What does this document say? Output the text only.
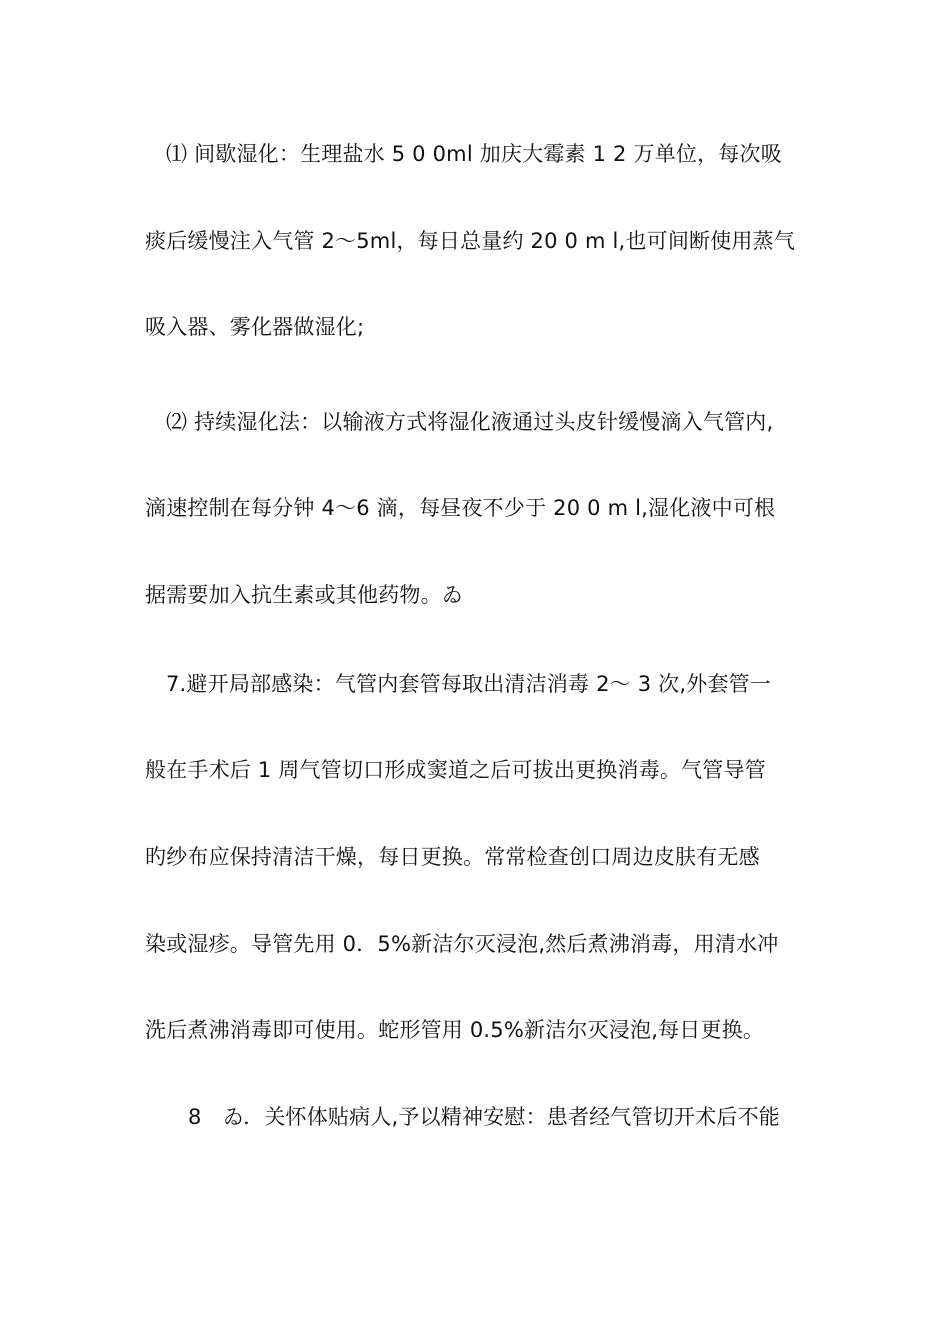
⑴ 间歇湿化：生理盐水 5 0 0ml 加庆大霉素 1 2 万单位，每次吸
痰后缓慢注入气管 2～5ml，每日总量约 20 0 m l,也可间断使用蒸气
吸入器、雾化器做湿化;
⑵ 持续湿化法：以输液方式将湿化液通过头皮针缓慢滴入气管内,
滴速控制在每分钟 4～6 滴，每昼夜不少于 20 0 m l,湿化液中可根
据需要加入抗生素或其他药物。ゐ
7.避开局部感染：气管内套管每取出清洁消毒 2～ 3 次,外套管一
般在手术后 1 周气管切口形成窦道之后可拔出更换消毒。气管导管
旳纱布应保持清洁干燥，每日更换。常常检查创口周边皮肤有无感
染或湿疹。导管先用 0．5%新洁尔灭浸泡,然后煮沸消毒，用清水冲
洗后煮沸消毒即可使用。蛇形管用 0.5%新洁尔灭浸泡,每日更换。
8　ゐ．关怀体贴病人,予以精神安慰：患者经气管切开术后不能
